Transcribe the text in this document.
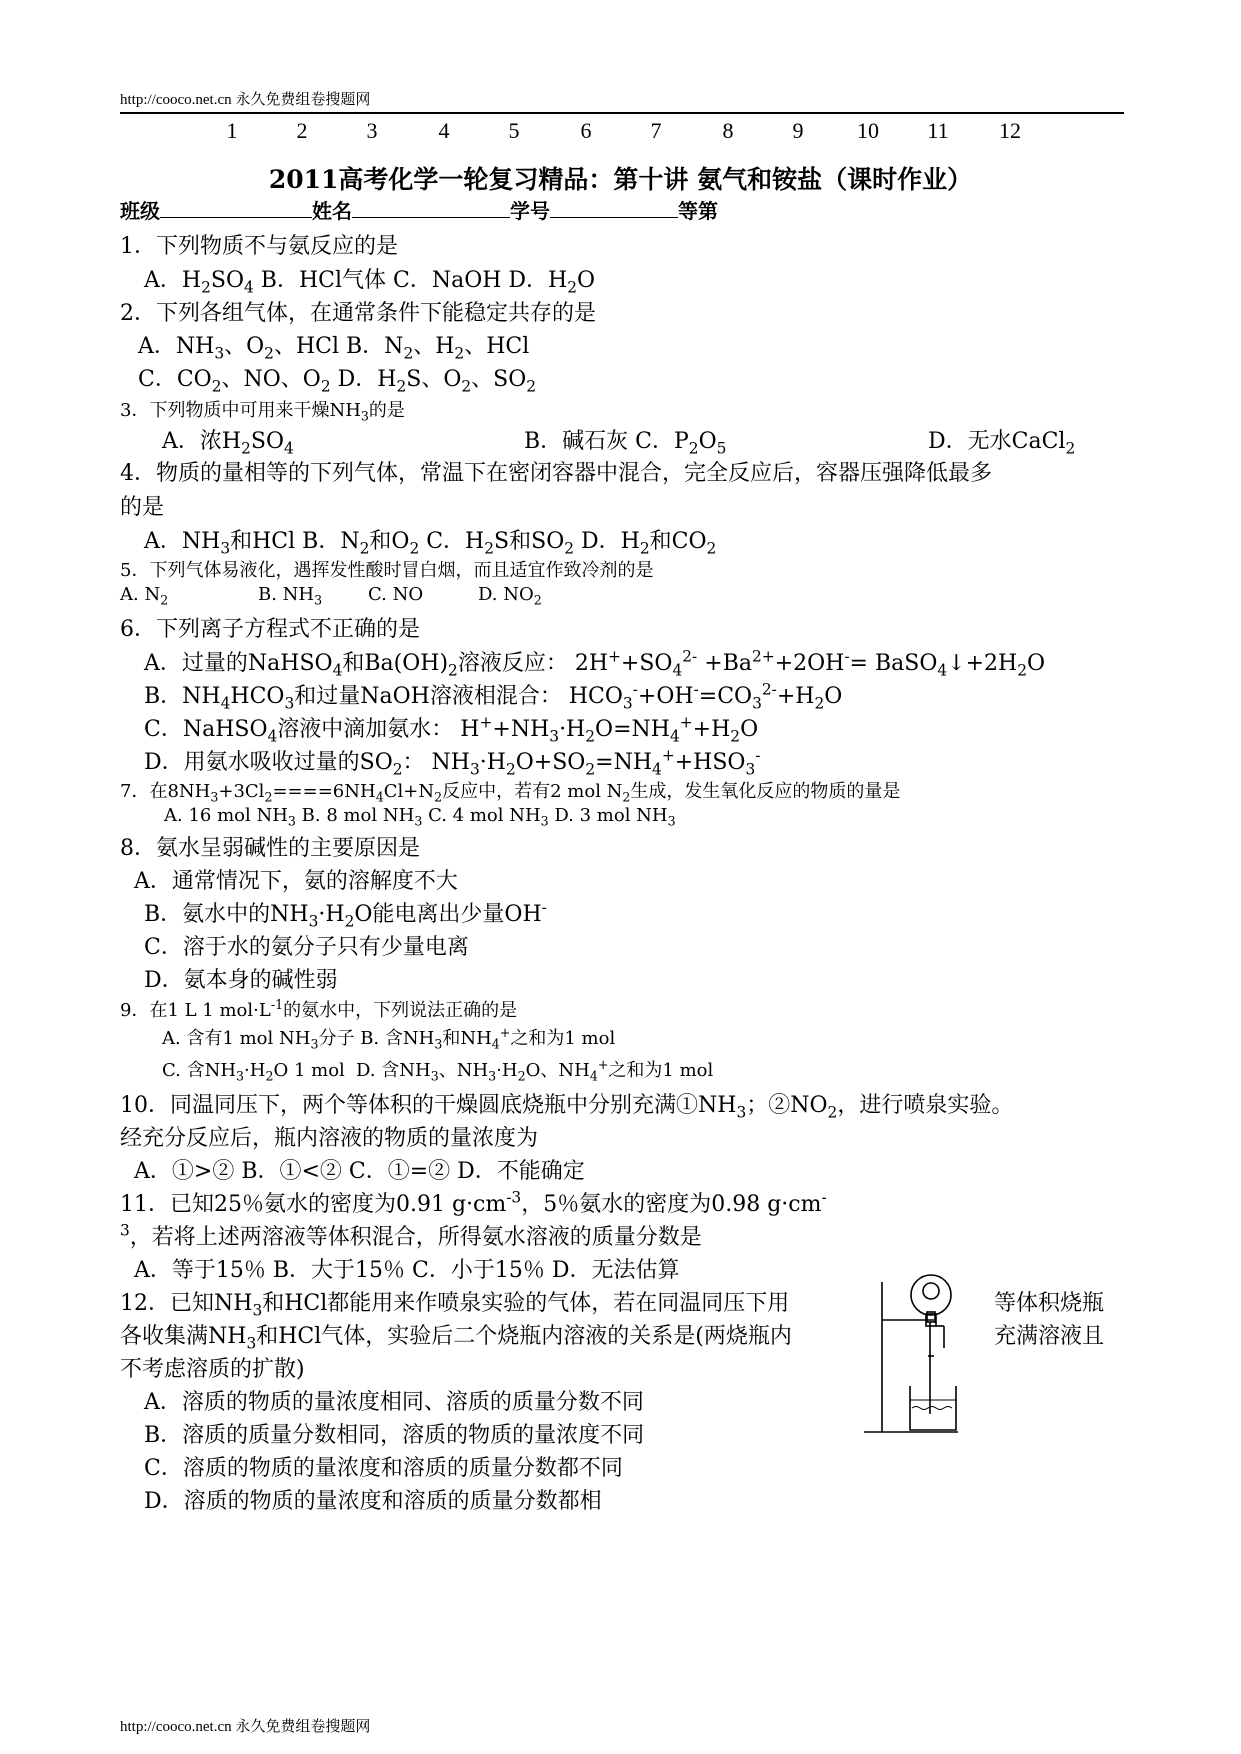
http://cooco.net.cn 永久免费组卷搜题网
1	2	3	4	5	6	7	8	9 10 11 12
2011高考化学一轮复习精品：第十讲 氨气和铵盐（课时作业）
班级	姓名	学号	等第
1．下列物质不与氨反应的是
A．$H_2SO_4$ B．HCl气体 C．NaOH D．$H_2O$
2．下列各组气体，在通常条件下能稳定共存的是
A．$NH_3$、$O_2$、HCl B．$N_2$、$H_2$、HCl
C．$CO_2$、NO、$O_2$ D．$H_2S$、$O_2$、$SO_2$
3．下列物质中可用来干燥$NH_3$的是
A．浓$H_2SO_4$	B．碱石灰 C．$P_2O_5$	D．无水CaCl$_2$
4．物质的量相等的下列气体，常温下在密闭容器中混合，完全反应后，容器压强降低最多
的是
A．$NH_3$和HCl B．$N_2$和$O_2$ C．$H_2S$和$SO_2$ D．$H_2$和$CO_2$
5．下列气体易液化，遇挥发性酸时冒白烟，而且适宜作致冷剂的是
A. $N_2$	B. $NH_3$	C. NO	D. $NO_2$
6．下列离子方程式不正确的是
A．过量的NaHSO$_4$和$Ba(OH)_2$溶液反应： $2H^++SO_4^{2-} +Ba^{2+}+2OH^-=$ $BaSO_4↓+2H_2O$
B．$NH_4HCO_3$和过量NaOH溶液相混合： $HCO_3^-+OH^-=CO_3^{2-}+H_2O$
C．NaHSO$_4$溶液中滴加氨水： $H^++NH_3\cdot H_2O=NH_4^++H_2O$
D．用氨水吸收过量的$SO_2$： $NH_3\cdot H_2O+SO_2=NH_4^++HSO_3^-$
7．在$8NH_3+3Cl_2====6NH_4Cl+N_2$反应中，若有2 mol $N_2$生成，发生氧化反应的物质的量是
A. 16 mol $NH_3$ B. 8 mol $NH_3$ C. 4 mol $NH_3$ D. 3 mol $NH_3$
8．氨水呈弱碱性的主要原因是
A．通常情况下，氨的溶解度不大
B．氨水中的$NH_3\cdot H_2O$能电离出少量OH-
C．溶于水的氨分子只有少量电离
D．氨本身的碱性弱
9．在1 L 1 $mol\cdot L^{-1}$的氨水中，下列说法正确的是
A. 含有1 mol $NH_3$分子 B. 含$NH_3$和$NH_4^+$之和为1 mol
C. 含$NH_3\cdot H_2O$ 1 mol D. 含$NH_3$、$NH_3\cdot H_2O$、$NH_4^+$之和为1 mol
10．同温同压下，两个等体积的干燥圆底烧瓶中分别充满$①NH_3$；$②NO_2$，进行喷泉实验。
经充分反应后，瓶内溶液的物质的量浓度为
A．①>② B．①<② C．①=② D．不能确定
11．已知25％氨水的密度为0.91 $g\cdot cm^{-3}$，5％氨水的密度为0.98 g·cm-
$^3$，若将上述两溶液等体积混合，所得氨水溶液的质量分数是
A．等于15％ B．大于15％ C．小于15％ D．无法估算
12．已知$NH_3$和HCl都能用来作喷泉实验的气体，若在同温同压下用	等体积烧瓶
各收集满$NH_3$和HCl气体，实验后二个烧瓶内溶液的关系是(两烧瓶内	充满溶液且
不考虑溶质的扩散)
A．溶质的物质的量浓度相同、溶质的质量分数不同
B．溶质的质量分数相同，溶质的物质的量浓度不同
C．溶质的物质的量浓度和溶质的质量分数都不同
D．溶质的物质的量浓度和溶质的质量分数都相
http://cooco.net.cn 永久免费组卷搜题网
